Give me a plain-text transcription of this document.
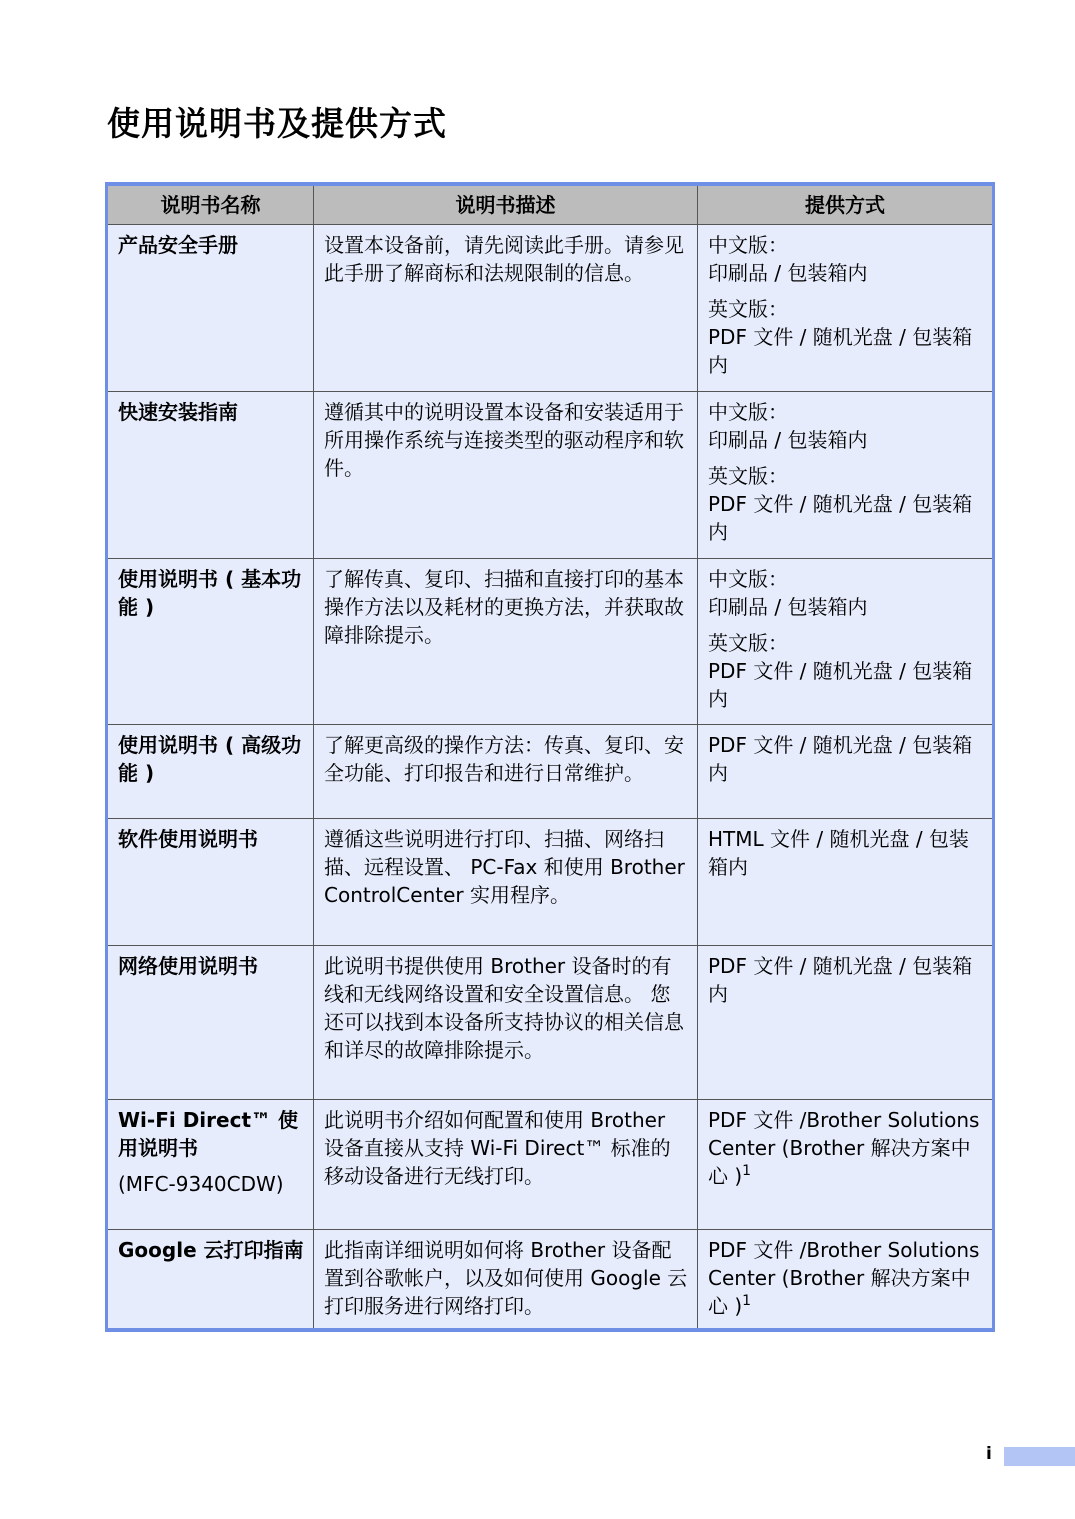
使用说明书及提供方式
说明书名称	说明书描述	提供方式
产品安全手册	设置本设备前，请先阅读此手册。请参见此手册了解商标和法规限制的信息。	中文版：
印刷品 / 包装箱内
英文版：
PDF 文件 / 随机光盘 / 包装箱内

快速安装指南	遵循其中的说明设置本设备和安装适用于所用操作系统与连接类型的驱动程序和软件。	中文版：
印刷品 / 包装箱内
英文版：
PDF 文件 / 随机光盘 / 包装箱内

使用说明书 ( 基本功能 )	了解传真、复印、扫描和直接打印的基本操作方法以及耗材的更换方法，并获取故障排除提示。	中文版：
印刷品 / 包装箱内
英文版：
PDF 文件 / 随机光盘 / 包装箱内

使用说明书 ( 高级功能 )	了解更高级的操作方法：传真、复印、安全功能、打印报告和进行日常维护。	PDF 文件 / 随机光盘 / 包装箱内
软件使用说明书	遵循这些说明进行打印、扫描、网络扫描、远程设置、 PC-Fax 和使用 Brother ControlCenter 实用程序。	HTML 文件 / 随机光盘 / 包装箱内
网络使用说明书	此说明书提供使用 Brother 设备时的有线和无线网络设置和安全设置信息。 您还可以找到本设备所支持协议的相关信息和详尽的故障排除提示。	PDF 文件 / 随机光盘 / 包装箱内

Wi-Fi Direct™ 使用说明书
(MFC-9340CDW)	此说明书介绍如何配置和使用 Brother 设备直接从支持 Wi-Fi Direct™ 标准的移动设备进行无线打印。	PDF 文件 /Brother Solutions Center (Brother 解决方案中心 )$^1$
Google 云打印指南	此指南详细说明如何将 Brother 设备配置到谷歌帐户，以及如何使用 Google 云打印服务进行网络打印。	PDF 文件 /Brother Solutions Center (Brother 解决方案中心 )$^1$
i
